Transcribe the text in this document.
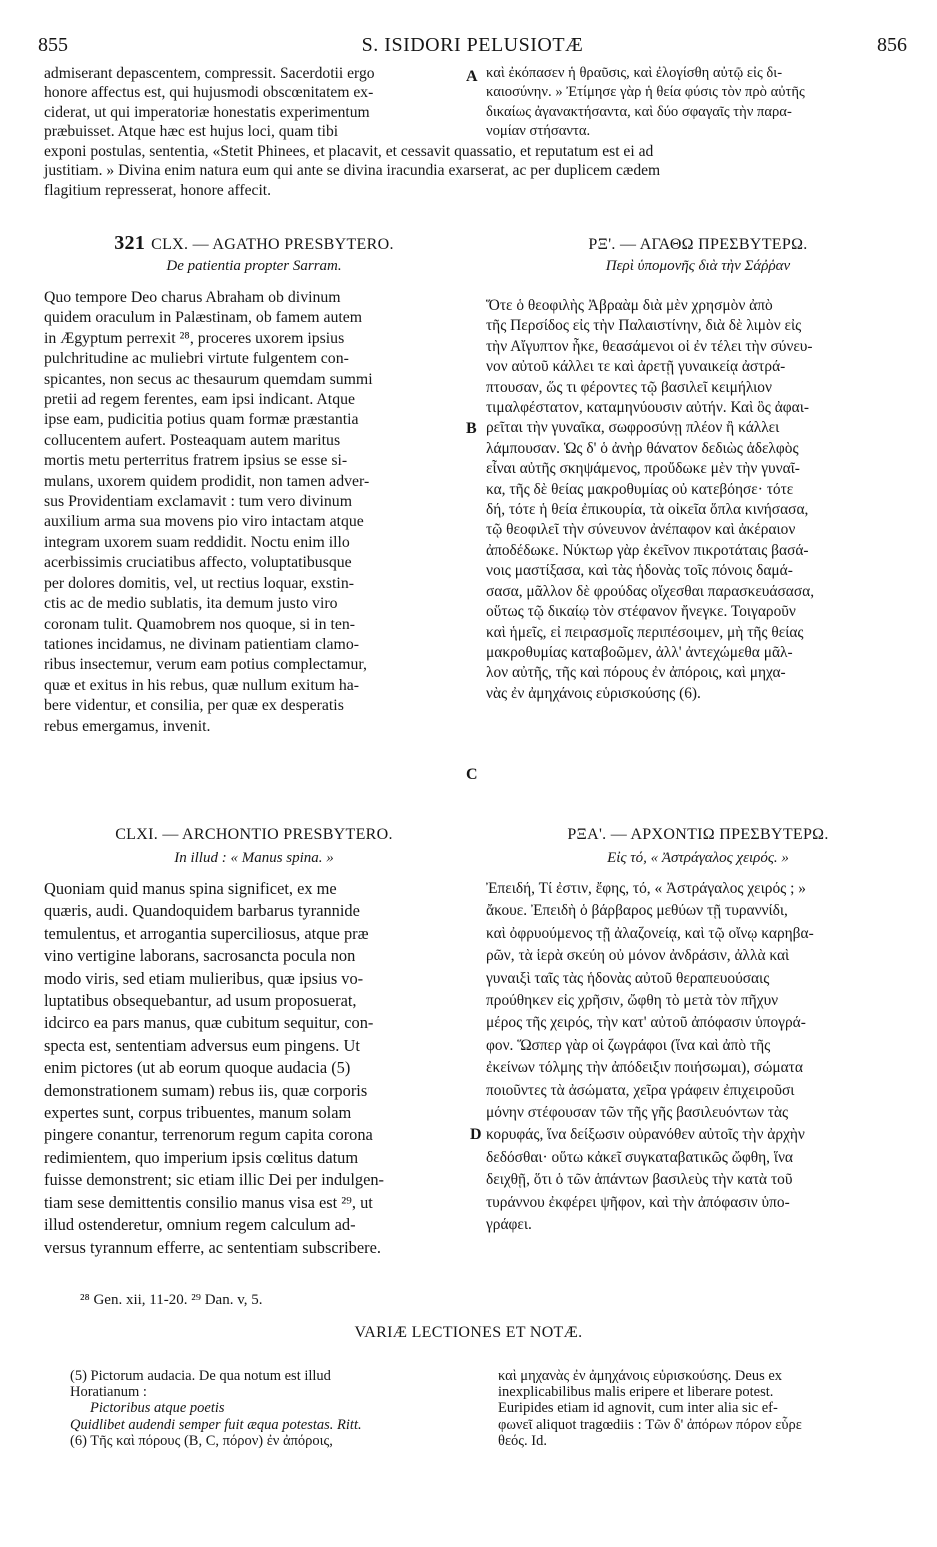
855	S. ISIDORI PELUSIOTÆ	856

admiserant depascentem, compressit. Sacerdotii ergo

honore affectus est, qui hujusmodi obscœnitatem ex-

ciderat, ut qui imperatoriæ honestatis experimentum

præbuisset. Atque hæc est hujus loci, quam tibi

A καὶ ἐκόπασεν ἡ θραῦσις, καὶ ἐλογίσθη αὐτῷ εἰς δι-

καιοσύνην. » Ἐτίμησε γὰρ ἡ θεία φύσις τὸν πρὸ αὐτῆς

δικαίως ἀγανακτήσαντα, καὶ δύο σφαγαῖς τὴν παρα-

νομίαν στήσαντα.

exponi postulas, sententia, «Stetit Phinees, et placavit, et cessavit quassatio, et reputatum est ei ad

justitiam. » Divina enim natura eum qui ante se divina iracundia exarserat, ac per duplicem cædem

flagitium represserat, honore affecit.

321 CLX. — AGATHO PRESBYTERO.
De patientia propter Sarram.
ΡΞ'. — ΑΓΑΘΩ ΠΡΕΣΒΥΤΕΡΩ.
Περὶ ὑπομονῆς διὰ τὴν Σάῤῥαν

Quo tempore Deo charus Abraham ob divinum

quidem oraculum in Palæstinam, ob famem autem

in Ægyptum perrexit ²⁸, proceres uxorem ipsius

pulchritudine ac muliebri virtute fulgentem con-

spicantes, non secus ac thesaurum quemdam summi

pretii ad regem ferentes, eam ipsi indicant. Atque

ipse eam, pudicitia potius quam formæ præstantia

collucentem aufert. Posteaquam autem maritus

mortis metu perterritus fratrem ipsius se esse si-

mulans, uxorem quidem prodidit, non tamen adver-

sus Providentiam exclamavit : tum vero divinum

auxilium arma sua movens pio viro intactam atque

integram uxorem suam reddidit. Noctu enim illo

acerbissimis cruciatibus affecto, voluptatibusque

per dolores domitis, vel, ut rectius loquar, exstin-

ctis ac de medio sublatis, ita demum justo viro

coronam tulit. Quamobrem nos quoque, si in ten-

tationes incidamus, ne divinam patientiam clamo-

ribus insectemur, verum eam potius complectamur,

quæ et exitus in his rebus, quæ nullum exitum ha-

bere videntur, et consilia, per quæ ex desperatis

rebus emergamus, invenit.

B
C

Ὅτε ὁ θεοφιλὴς Ἀβραὰμ διὰ μὲν χρησμὸν ἀπὸ

τῆς Περσίδος εἰς τὴν Παλαιστίνην, διὰ δὲ λιμὸν εἰς

τὴν Αἴγυπτον ἧκε, θεασάμενοι οἱ ἐν τέλει τὴν σύνευ-

νον αὐτοῦ κάλλει τε καὶ ἀρετῇ γυναικείᾳ ἀστρά-

πτουσαν, ὥς τι φέροντες τῷ βασιλεῖ κειμήλιον

τιμαλφέστατον, καταμηνύουσιν αὐτήν. Καὶ ὃς ἀφαι-

ρεῖται τὴν γυναῖκα, σωφροσύνῃ πλέον ἢ κάλλει

λάμπουσαν. Ὡς δ' ὁ ἀνὴρ θάνατον δεδιὼς ἀδελφὸς

εἶναι αὐτῆς σκηψάμενος, προὔδωκε μὲν τὴν γυναῖ-

κα, τῆς δὲ θείας μακροθυμίας οὐ κατεβόησε· τότε

δή, τότε ἡ θεία ἐπικουρία, τὰ οἰκεῖα ὅπλα κινήσασα,

τῷ θεοφιλεῖ τὴν σύνευνον ἀνέπαφον καὶ ἀκέραιον

ἀποδέδωκε. Νύκτωρ γὰρ ἐκεῖνον πικροτάταις βασά-

νοις μαστίξασα, καὶ τὰς ἡδονὰς τοῖς πόνοις δαμά-

σασα, μᾶλλον δὲ φρούδας οἴχεσθαι παρασκευάσασα,

οὕτως τῷ δικαίῳ τὸν στέφανον ἤνεγκε. Τοιγαροῦν

καὶ ἡμεῖς, εἰ πειρασμοῖς περιπέσοιμεν, μὴ τῆς θείας

μακροθυμίας καταβοῶμεν, ἀλλ' ἀντεχώμεθα μᾶλ-

λον αὐτῆς, τῆς καὶ πόρους ἐν ἀπόροις, καὶ μηχα-

νὰς ἐν ἀμηχάνοις εὑρισκούσης (6).

CLXI. — ARCHONTIO PRESBYTERO.
In illud : « Manus spina. »
ΡΞΑ'. — ΑΡΧΟΝΤΙΩ ΠΡΕΣΒΥΤΕΡΩ.
Εἰς τό, « Ἀστράγαλος χειρός. »

Quoniam quid manus spina significet, ex me

quæris, audi. Quandoquidem barbarus tyrannide

temulentus, et arrogantia superciliosus, atque præ

vino vertigine laborans, sacrosancta pocula non

modo viris, sed etiam mulieribus, quæ ipsius vo-

luptatibus obsequebantur, ad usum proposuerat,

idcirco ea pars manus, quæ cubitum sequitur, con-

specta est, sententiam adversus eum pingens. Ut

enim pictores (ut ab eorum quoque audacia (5)

demonstrationem sumam) rebus iis, quæ corporis

expertes sunt, corpus tribuentes, manum solam

pingere conantur, terrenorum regum capita corona

redimientem, quo imperium ipsis cœlitus datum

fuisse demonstrent; sic etiam illic Dei per indulgen-

tiam sese demittentis consilio manus visa est ²⁹, ut

illud ostenderetur, omnium regem calculum ad-

versus tyrannum efferre, ac sententiam subscribere.

D

Ἐπειδή, Τί ἐστιν, ἔφης, τό, « Ἀστράγαλος χειρός ; »

ἄκουε. Ἐπειδὴ ὁ βάρβαρος μεθύων τῇ τυραννίδι,

καὶ ὀφρυούμενος τῇ ἀλαζονείᾳ, καὶ τῷ οἴνῳ καρηβα-

ρῶν, τὰ ἱερὰ σκεύη οὐ μόνον ἀνδράσιν, ἀλλὰ καὶ

γυναιξὶ ταῖς τὰς ἡδονὰς αὐτοῦ θεραπευούσαις

προύθηκεν εἰς χρῆσιν, ὤφθη τὸ μετὰ τὸν πῆχυν

μέρος τῆς χειρός, τὴν κατ' αὐτοῦ ἀπόφασιν ὑπογρά-

φον. Ὥσπερ γὰρ οἱ ζωγράφοι (ἵνα καὶ ἀπὸ τῆς

ἐκείνων τόλμης τὴν ἀπόδειξιν ποιήσωμαι), σώματα

ποιοῦντες τὰ ἀσώματα, χεῖρα γράφειν ἐπιχειροῦσι

μόνην στέφουσαν τῶν τῆς γῆς βασιλευόντων τὰς

κορυφάς, ἵνα δείξωσιν οὐρανόθεν αὐτοῖς τὴν ἀρχὴν

δεδόσθαι· οὕτω κἀκεῖ συγκαταβατικῶς ὤφθη, ἵνα

δειχθῇ, ὅτι ὁ τῶν ἁπάντων βασιλεὺς τὴν κατὰ τοῦ

τυράννου ἐκφέρει ψῆφον, καὶ τὴν ἀπόφασιν ὑπο-

γράφει.

²⁸ Gen. xii, 11-20. ²⁹ Dan. v, 5.
VARIÆ LECTIONES ET NOTÆ.

(5) Pictorum audacia. De qua notum est illud

Horatianum :

Pictoribus atque poetis

Quidlibet audendi semper fuit æqua potestas. Ritt.

(6) Τῆς καὶ πόρους (B, C, πόρον) ἐν ἀπόροις,

καὶ μηχανὰς ἐν ἀμηχάνοις εὑρισκούσης. Deus ex

inexplicabilibus malis eripere et liberare potest.

Euripides etiam id agnovit, cum inter alia sic ef-

φωνεῖ aliquot tragœdiis : Τῶν δ' ἀπόρων πόρον εὗρε

θεός. Id.
